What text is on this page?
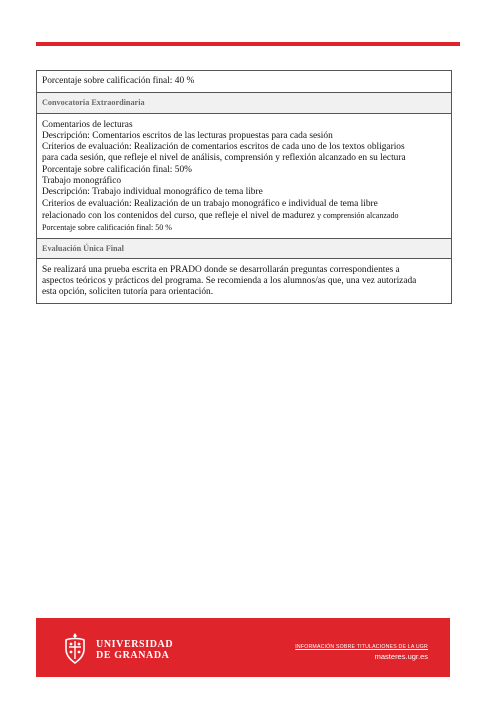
Porcentaje sobre calificación final: 40 %
Convocatoria Extraordinaria

Comentarios de lecturas

Descripción: Comentarios escritos de las lecturas propuestas para cada sesión

Criterios de evaluación: Realización de comentarios escritos de cada uno de los textos obligarios

para cada sesión, que refleje el nivel de análisis, comprensión y reflexión alcanzado en su lectura

Porcentaje sobre calificación final: 50%

Trabajo monográfico

Descripción: Trabajo individual monográfico de tema libre

Criterios de evaluación: Realización de un trabajo monográfico e individual de tema libre

relacionado con los contenidos del curso, que refleje el nivel de madurez y comprensión alcanzado

Porcentaje sobre calificación final: 50 %

Evaluación Única Final

Se realizará una prueba escrita en PRADO donde se desarrollarán preguntas correspondientes a

aspectos teóricos y prácticos del programa. Se recomienda a los alumnos/as que, una vez autorizada

esta opción, soliciten tutoría para orientación.

UNIVERSIDAD
DE GRANADA
INFORMACIÓN SOBRE TITULACIONES DE LA UGR
masteres.ugr.es
